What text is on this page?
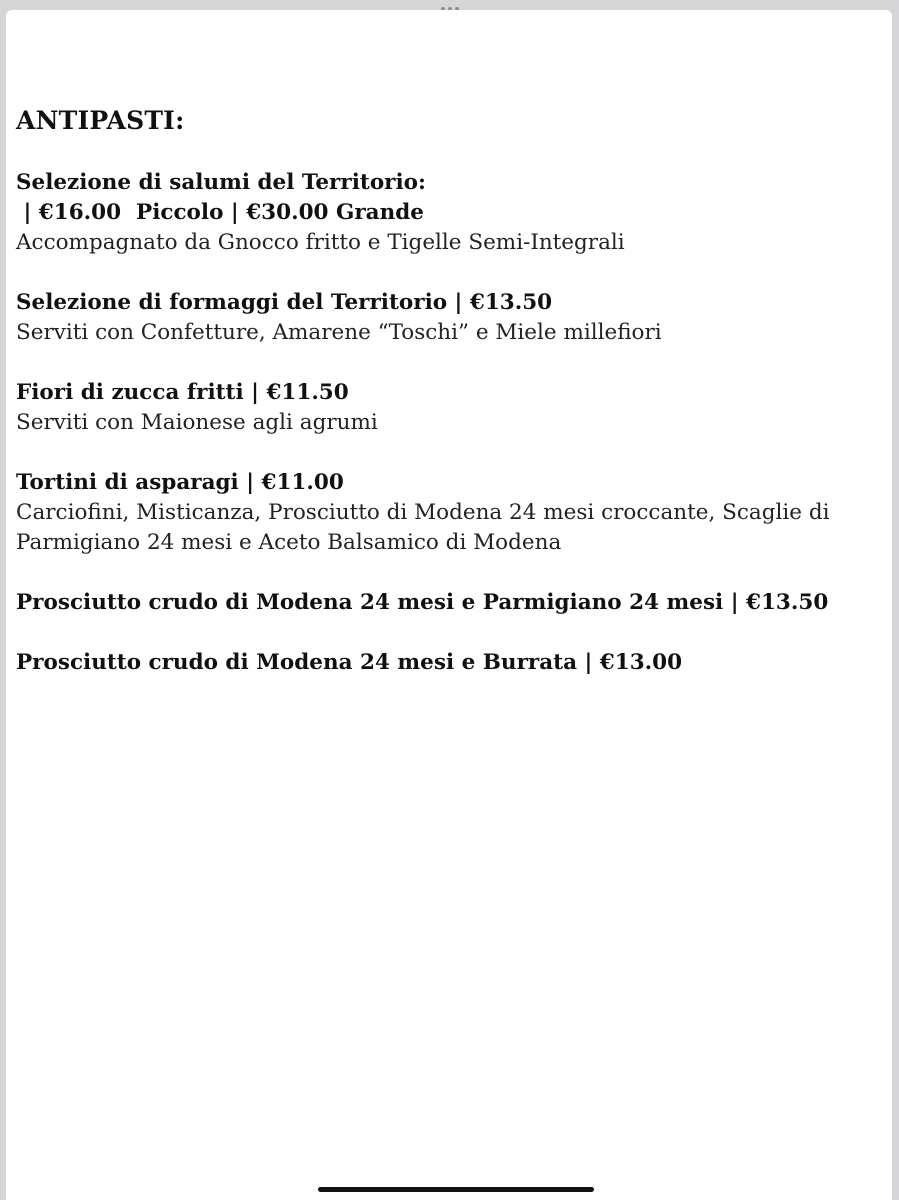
ANTIPASTI:
Selezione di salumi del Territorio:
| €16.00  Piccolo | €30.00 Grande
Accompagnato da Gnocco fritto e Tigelle Semi-Integrali
Selezione di formaggi del Territorio | €13.50
Serviti con Confetture, Amarene “Toschi” e Miele millefiori
Fiori di zucca fritti | €11.50
Serviti con Maionese agli agrumi
Tortini di asparagi | €11.00
Carciofini, Misticanza, Prosciutto di Modena 24 mesi croccante, Scaglie di Parmigiano 24 mesi e Aceto Balsamico di Modena
Prosciutto crudo di Modena 24 mesi e Parmigiano 24 mesi | €13.50
Prosciutto crudo di Modena 24 mesi e Burrata | €13.00
